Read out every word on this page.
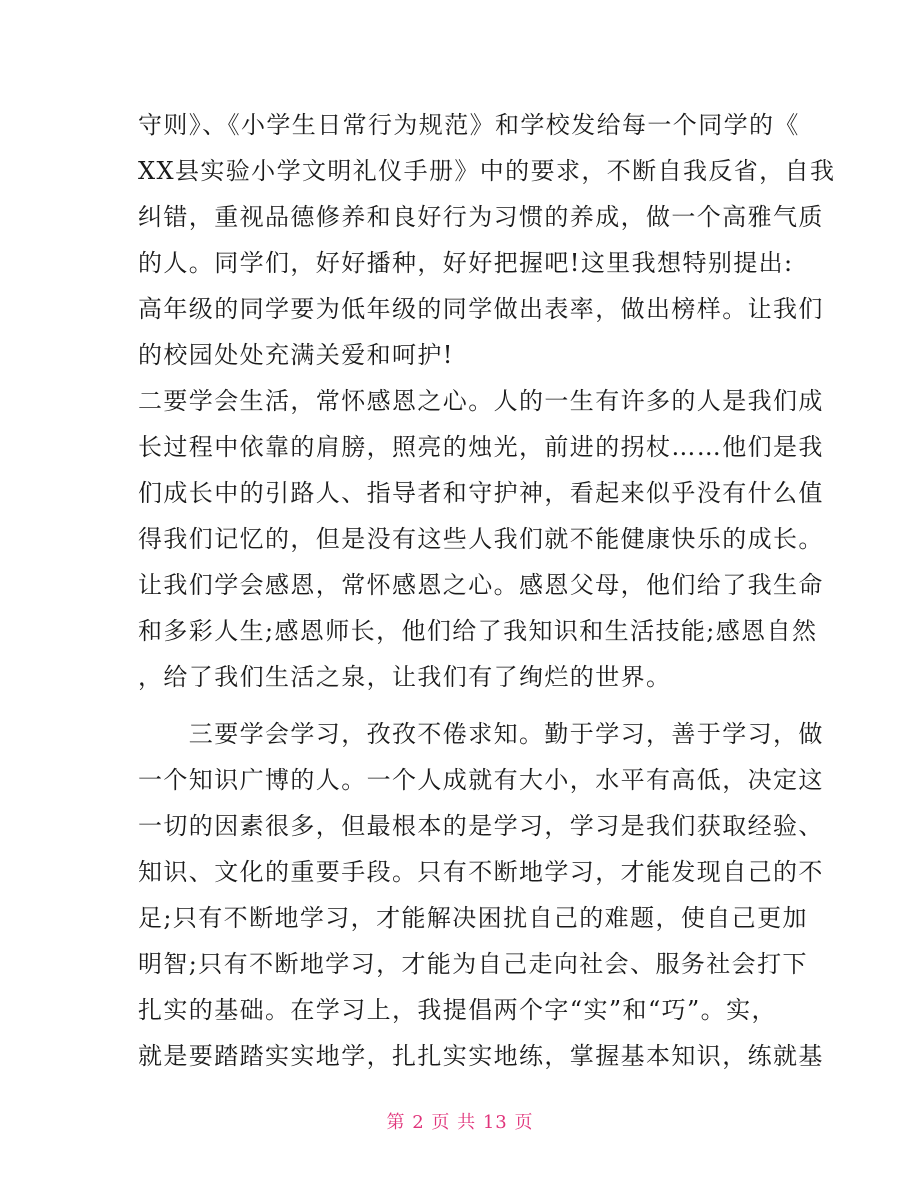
守则》、《小学生日常行为规范》和学校发给每一个同学的《
XX县实验小学文明礼仪手册》中的要求，不断自我反省，自我
纠错，重视品德修养和良好行为习惯的养成，做一个高雅气质
的人。同学们，好好播种，好好把握吧!这里我想特别提出:
高年级的同学要为低年级的同学做出表率，做出榜样。让我们
的校园处处充满关爱和呵护!
二要学会生活，常怀感恩之心。人的一生有许多的人是我们成
长过程中依靠的肩膀，照亮的烛光，前进的拐杖……他们是我
们成长中的引路人、指导者和守护神，看起来似乎没有什么值
得我们记忆的，但是没有这些人我们就不能健康快乐的成长。
让我们学会感恩，常怀感恩之心。感恩父母，他们给了我生命
和多彩人生;感恩师长，他们给了我知识和生活技能;感恩自然
，给了我们生活之泉，让我们有了绚烂的世界。
　　三要学会学习，孜孜不倦求知。勤于学习，善于学习，做
一个知识广博的人。一个人成就有大小，水平有高低，决定这
一切的因素很多，但最根本的是学习，学习是我们获取经验、
知识、文化的重要手段。只有不断地学习，才能发现自己的不
足;只有不断地学习，才能解决困扰自己的难题，使自己更加
明智;只有不断地学习，才能为自己走向社会、服务社会打下
扎实的基础。在学习上，我提倡两个字“实”和“巧”。实，
就是要踏踏实实地学，扎扎实实地练，掌握基本知识，练就基
第 2 页 共 13 页
